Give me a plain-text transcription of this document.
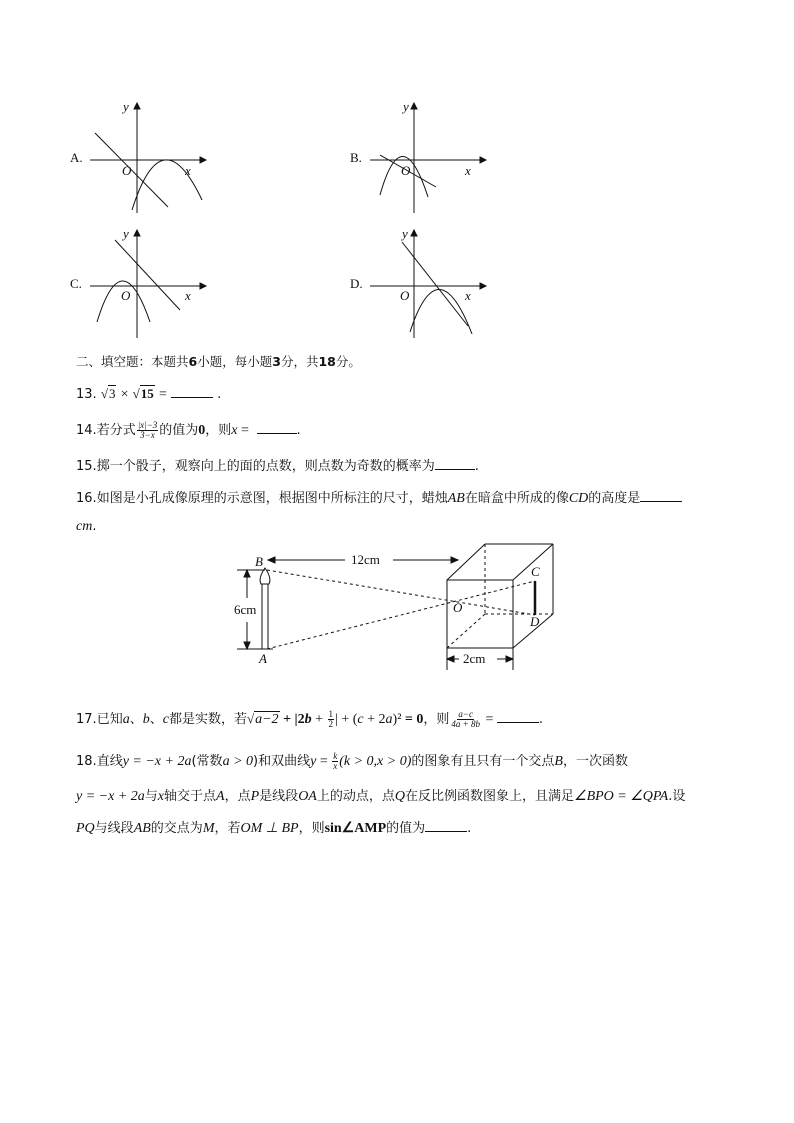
A.
y
O	x
B.
y
O	x
C.
y
O	x
D.
y
O	x
二、填空题：本题共6小题，每小题3分，共18分。
13. √3 × √15 =	.
14.若分式 $\frac{|x|-3}{3-x}$ 的值为0，则x =	.
15.掷一个骰子，观察向上的面的点数，则点数为奇数的概率为	.
16.如图是小孔成像原理的示意图，根据图中所标注的尺寸，蜡烛AB在暗盒中所成的像CD的高度是
cm.
12cm
6cm
2cm
B
A
O
C
D
17.已知a、b、c都是实数，若$√a-2 + |2b + \frac{1}{2}$ | + (c + 2a)² = 0，则 $\frac{a-c}{4a + 8b}$ =	.
18.直线y = −x + 2a(常数a > 0)和双曲线$y = \frac{k}{x} (k > 0,x > 0)$的图象有且只有一个交点B，一次函数
y = −x + 2a与x轴交于点A，点P是线段OA上的动点，点Q在反比例函数图象上，且满足∠BPO = ∠QPA.设
PQ与线段AB的交点为M，若OM ⊥ BP，则sin∠AMP的值为	.
